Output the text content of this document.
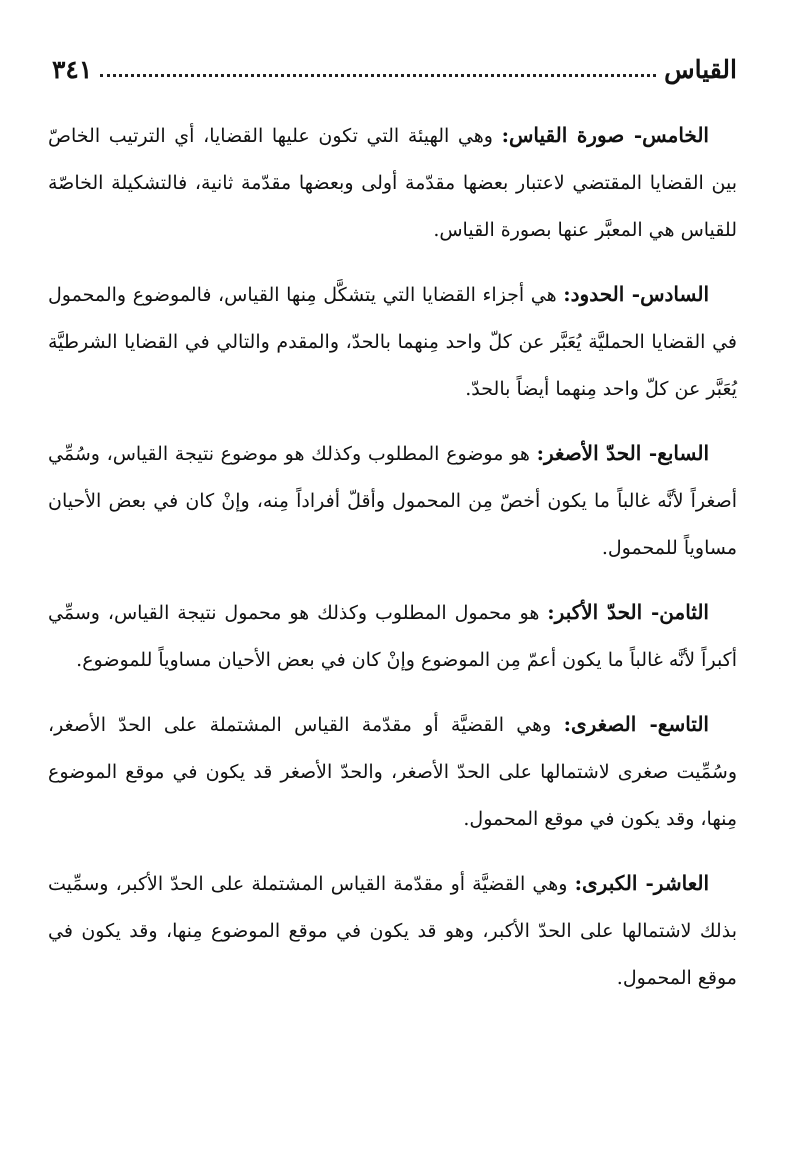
القياس
٣٤١

الخامس- صورة القياس: وهي الهيئة التي تكون عليها القضايا، أي الترتيب الخاصّ بين القضايا المقتضي لاعتبار بعضها مقدّمة أولى وبعضها مقدّمة ثانية، فالتشكيلة الخاصّة للقياس هي المعبَّر عنها بصورة القياس.

السادس- الحدود: هي أجزاء القضايا التي يتشكَّل مِنها القياس، فالموضوع والمحمول في القضايا الحمليَّة يُعَبَّر عن كلّ واحد مِنهما بالحدّ، والمقدم والتالي في القضايا الشرطيَّة يُعَبَّر عن كلّ واحد مِنهما أيضاً بالحدّ.

السابع- الحدّ الأصغر: هو موضوع المطلوب وكذلك هو موضوع نتيجة القياس، وسُمِّي أصغراً لأنَّه غالباً ما يكون أخصّ مِن المحمول وأقلّ أفراداً مِنه، وإنْ كان في بعض الأحيان مساوياً للمحمول.

الثامن- الحدّ الأكبر: هو محمول المطلوب وكذلك هو محمول نتيجة القياس، وسمِّي أكبراً لأنَّه غالباً ما يكون أعمّ مِن الموضوع وإنْ كان في بعض الأحيان مساوياً للموضوع.

التاسع- الصغرى: وهي القضيَّة أو مقدّمة القياس المشتملة على الحدّ الأصغر، وسُمِّيت صغرى لاشتمالها على الحدّ الأصغر، والحدّ الأصغر قد يكون في موقع الموضوع مِنها، وقد يكون في موقع المحمول.

العاشر- الكبرى: وهي القضيَّة أو مقدّمة القياس المشتملة على الحدّ الأكبر، وسمِّيت بذلك لاشتمالها على الحدّ الأكبر، وهو قد يكون في موقع الموضوع مِنها، وقد يكون في موقع المحمول.
